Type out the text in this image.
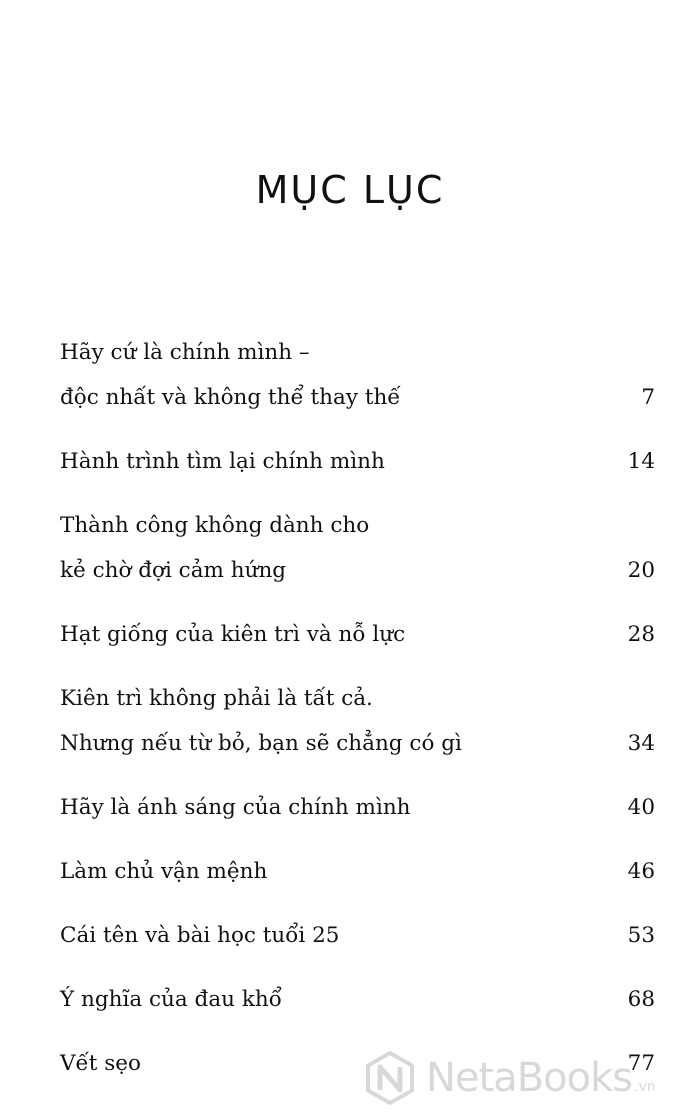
MỤC LỤC
Hãy cứ là chính mình –
độc nhất và không thể thay thế	7
Hành trình tìm lại chính mình	14
Thành công không dành cho
kẻ chờ đợi cảm hứng	20
Hạt giống của kiên trì và nỗ lực	28
Kiên trì không phải là tất cả.
Nhưng nếu từ bỏ, bạn sẽ chẳng có gì	34
Hãy là ánh sáng của chính mình	40
Làm chủ vận mệnh	46
Cái tên và bài học tuổi 25	53
Ý nghĩa của đau khổ	68
Vết sẹo	77
NetaBooks .vn
